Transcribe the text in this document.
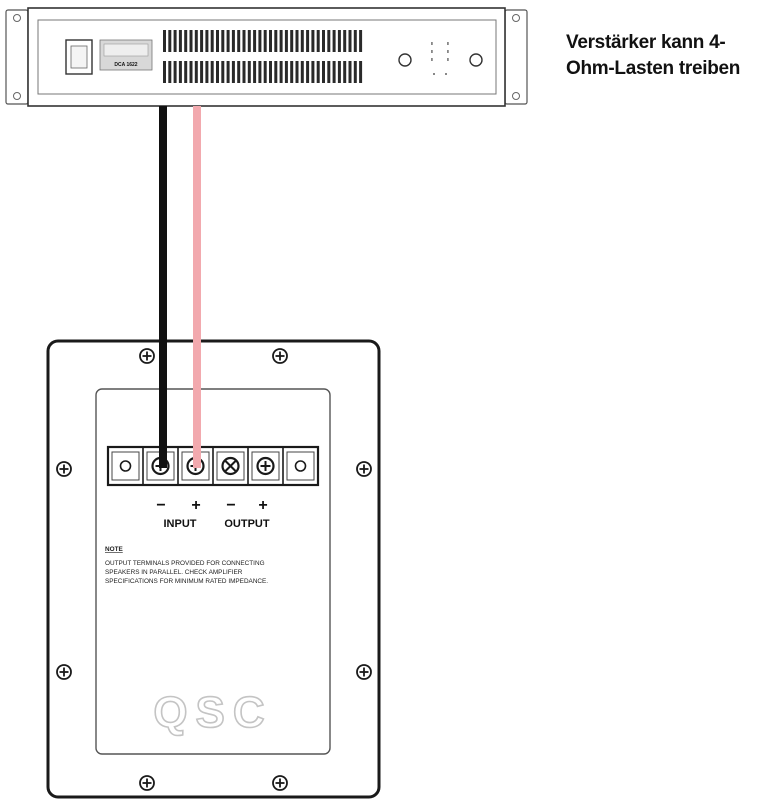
Verstärker kann 4-
Ohm-Lasten treiben
DCA 1622
− + − +
INPUT	OUTPUT
NOTE
OUTPUT TERMINALS PROVIDED FOR CONNECTING
SPEAKERS IN PARALLEL. CHECK AMPLIFIER
SPECIFICATIONS FOR MINIMUM RATED IMPEDANCE.
QSC
